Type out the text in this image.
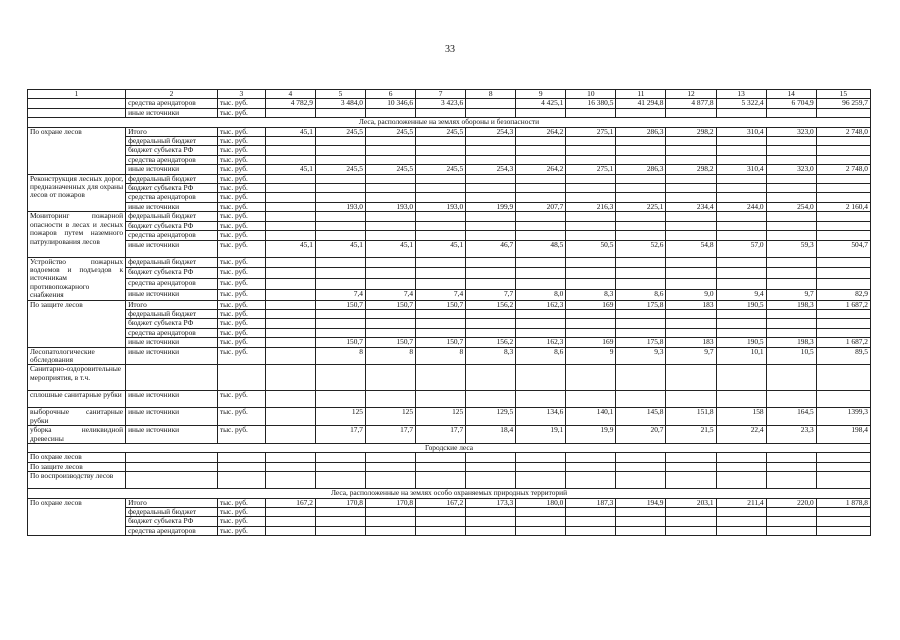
33
1	2	3	4	5	6	7	8	9	10	11	12	13	14	15
	средства арендаторов	тыс. руб.	4 782,9	3 484,0	10 346,6	3 423,6		4 425,1	16 380,5	41 294,8	4 877,8	5 322,4	6 704,9	96 259,7
	иные источники	тыс. руб.												
Леса, расположенные на землях обороны и безопасности														
По охране лесов	Итого	тыс. руб.	45,1	245,5	245,5	245,5	254,3	264,2	275,1	286,3	298,2	310,4	323,0	2 748,0
	федеральный бюджет	тыс. руб.												
	бюджет субъекта РФ	тыс. руб.												
	средства арендаторов	тыс. руб.												
	иные источники	тыс. руб.	45,1	245,5	245,5	245,5	254,3	264,2	275,1	286,3	298,2	310,4	323,0	2 748,0
Реконструкция лесных дорог, предназначенных для охраны лесов от пожаров	федеральный бюджет	тыс. руб.												
	бюджет субъекта РФ	тыс. руб.												
	средства арендаторов	тыс. руб.												
	иные источники	тыс. руб.		193,0	193,0	193,0	199,9	207,7	216,3	225,1	234,4	244,0	254,0	2 160,4
Мониторинг пожарной опасности в лесах и лесных пожаров путем наземного патрулирования лесов	федеральный бюджет	тыс. руб.												
	бюджет субъекта РФ	тыс. руб.												
	средства арендаторов	тыс. руб.												
	иные источники	тыс. руб.	45,1	45,1	45,1	45,1	46,7	48,5	50,5	52,6	54,8	57,0	59,3	504,7
Устройство пожарных водоемов и подъездов к источникам противопожарного снабжения	федеральный бюджет	тыс. руб.												
	бюджет субъекта РФ	тыс. руб.												
	средства арендаторов	тыс. руб.												
	иные источники	тыс. руб.		7,4	7,4	7,4	7,7	8,0	8,3	8,6	9,0	9,4	9,7	82,9
По защите лесов	Итого	тыс. руб.		150,7	150,7	150,7	156,2	162,3	169	175,8	183	190,5	198,3	1 687,2
	федеральный бюджет	тыс. руб.												
	бюджет субъекта РФ	тыс. руб.												
	средства арендаторов	тыс. руб.												
	иные источники	тыс. руб.		150,7	150,7	150,7	156,2	162,3	169	175,8	183	190,5	198,3	1 687,2
Лесопатологические обследования	иные источники	тыс. руб.		8	8	8	8,3	8,6	9	9,3	9,7	10,1	10,5	89,5
Санитарно-оздоровительные мероприятия, в т.ч.														
сплошные санитарные рубки	иные источники	тыс. руб.												
выборочные санитарные рубки	иные источники	тыс. руб.		125	125	125	129,5	134,6	140,1	145,8	151,8	158	164,5	1399,3
уборка неликвидной древесины	иные источники	тыс. руб.		17,7	17,7	17,7	18,4	19,1	19,9	20,7	21,5	22,4	23,3	198,4
Городские леса														
По охране лесов														
По защите лесов														
По воспроизводству лесов														
Леса, расположенные на землях особо охраняемых природных территорий														
По охране лесов	Итого	тыс. руб.	167,2	170,8	170,8	167,2	173,3	180,0	187,3	194,9	203,1	211,4	220,0	1 878,8
	федеральный бюджет	тыс. руб.												
	бюджет субъекта РФ	тыс. руб.												
	средства арендаторов	тыс. руб.												
